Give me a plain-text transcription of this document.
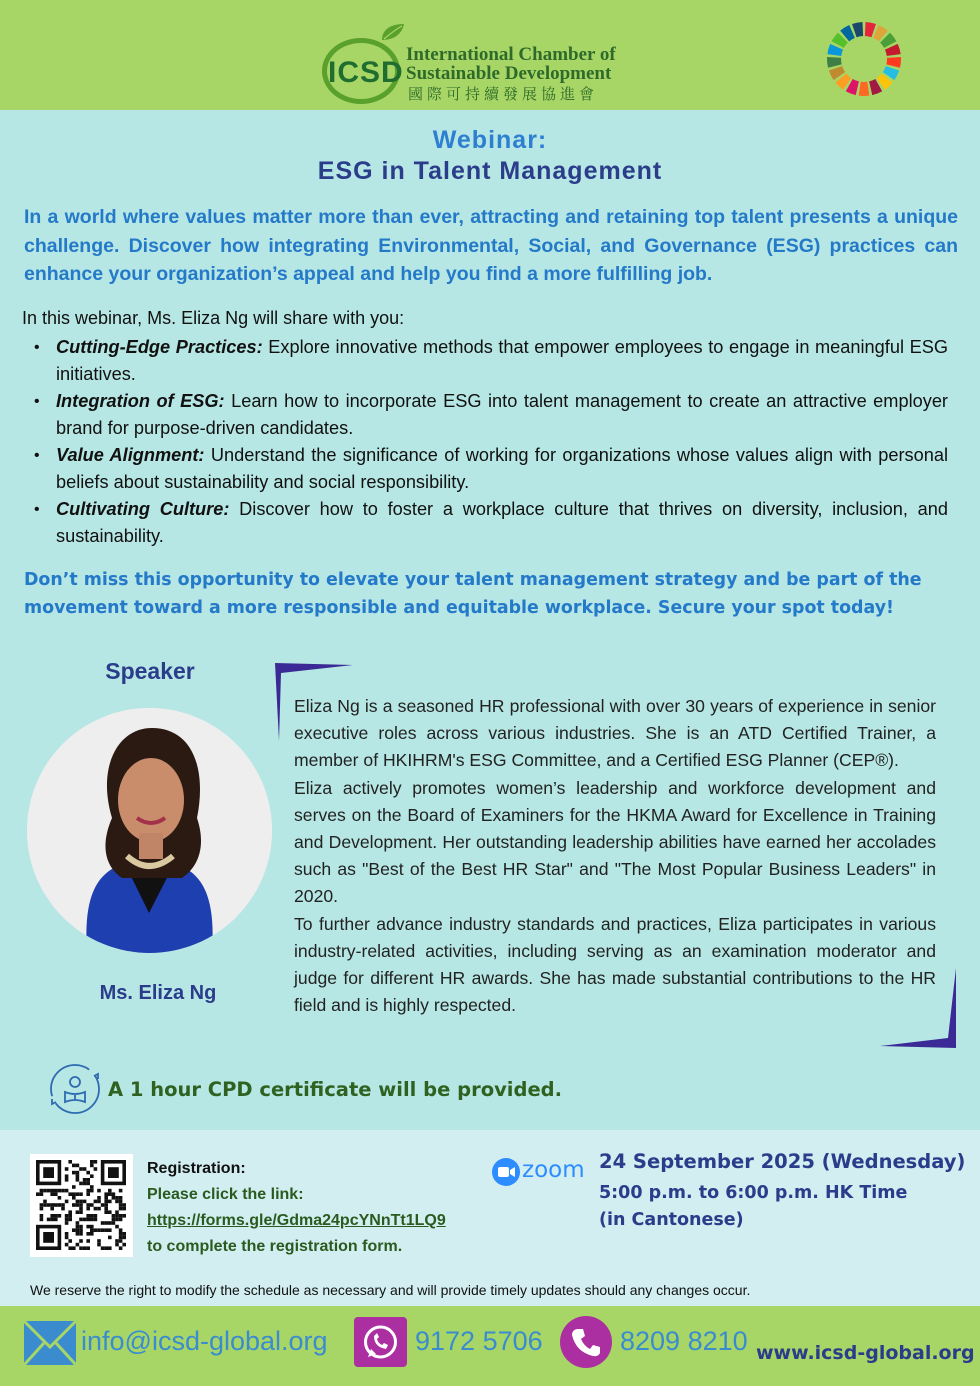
ICSD
International Chamber of
Sustainable Development
國際可持續發展協進會
Webinar:
ESG in Talent Management
In a world where values matter more than ever, attracting and retaining top talent presents a unique challenge. Discover how integrating Environmental, Social, and Governance (ESG) practices can enhance your organization’s appeal and help you find a more fulfilling job.
In this webinar, Ms. Eliza Ng will share with you:
• Cutting-Edge Practices: Explore innovative methods that empower employees to engage in meaningful ESG initiatives.
• Integration of ESG: Learn how to incorporate ESG into talent management to create an attractive employer brand for purpose-driven candidates.
• Value Alignment: Understand the significance of working for organizations whose values align with personal beliefs about sustainability and social responsibility.
• Cultivating Culture: Discover how to foster a workplace culture that thrives on diversity, inclusion, and sustainability.
Don’t miss this opportunity to elevate your talent management strategy and be part of the movement toward a more responsible and equitable workplace. Secure your spot today!
Speaker
Ms. Eliza Ng

Eliza Ng is a seasoned HR professional with over 30 years of experience in senior executive roles across various industries. She is an ATD Certified Trainer, a member of HKIHRM's ESG Committee, and a Certified ESG Planner (CEP®).

Eliza actively promotes women’s leadership and workforce development and serves on the Board of Examiners for the HKMA Award for Excellence in Training and Development. Her outstanding leadership abilities have earned her accolades such as "Best of the Best HR Star" and "The Most Popular Business Leaders" in 2020.

To further advance industry standards and practices, Eliza participates in various industry-related activities, including serving as an examination moderator and judge for different HR awards. She has made substantial contributions to the HR field and is highly respected.

A 1 hour CPD certificate will be provided.
Registration:
Please click the link:
https://forms.gle/Gdma24pcYNnTt1LQ9
to complete the registration form.
zoom 24 September 2025 (Wednesday)
5:00 p.m. to 6:00 p.m. HK Time
(in Cantonese)
We reserve the right to modify the schedule as necessary and will provide timely updates should any changes occur.
info@icsd-global.org	9172 5706	8209 8210 www.icsd-global.org
